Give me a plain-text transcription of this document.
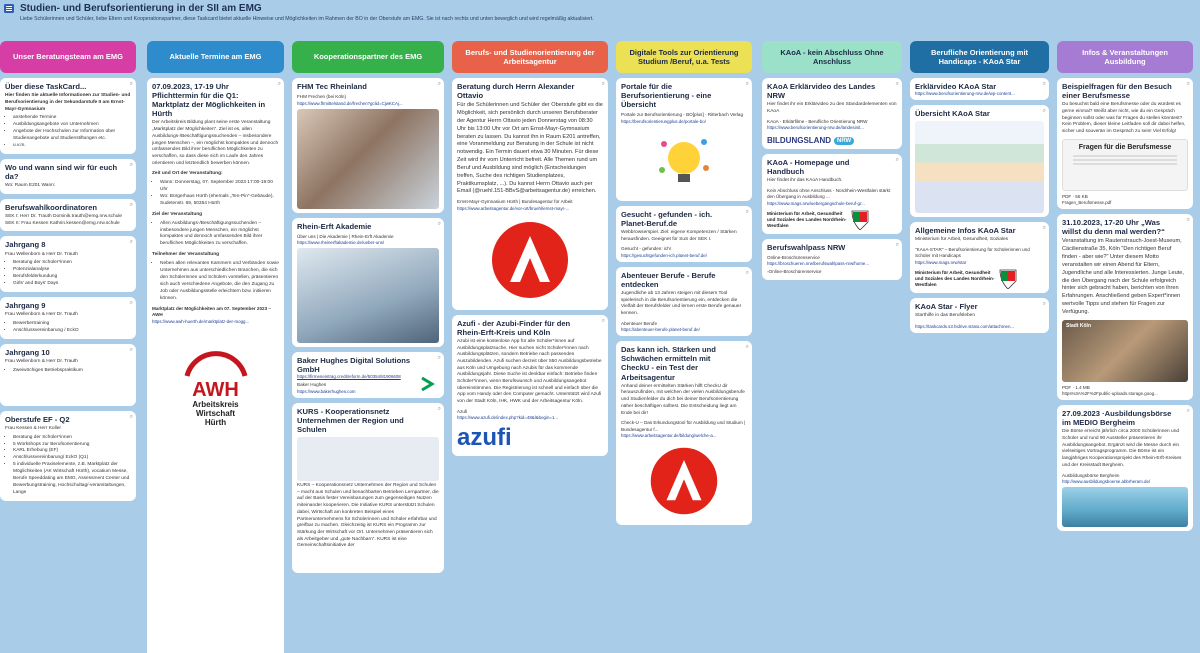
Studien- und Berufsorientierung in der SII am EMG
Liebe Schülerinnen und Schüler, liebe Eltern und Kooperationspartner, diese Taskcard bietet aktuelle Hinweise und Möglichkeiten im Rahmen der BO in der Oberstufe am EMG. Sie ist nach rechts und unten beweglich und wird regelmäßig aktualisiert.
Unser Beratungsteam am EMG
⌕
Über diese TaskCard...
Hier finden Sie aktuelle Informationen zur Studien- und Berufsorientierung in der Sekundarstufe II am Ernst-Mayr-Gymnasium
• anstehende Termine
• Ausbildungsangebote von Unternehmen
• Angebote der Hochschulen zur Information über Studienangebote und Studienstiftungen etc.
• u.v.m.
⌕
Wo und wann sind wir für euch da?
Wo: Raum E201 Wann:
⌕
Berufswahlkoordinatoren
SEK I: Herr Dr. Trauth Dominik.trauth@emg.nrw.schule SEK II: Frau Kessen Kathrin.kessen@emg.nrw.schule
⌕
Jahrgang 8
Frau Wellenborn & Herr Dr. Trauth
• Beratung der Schüler*innen
• Potenzialanalyse
• Berufsfelderkundung
• Girls' and Boys' Days
⌕
Jahrgang 9
Frau Wellenborn & Herr Dr. Trauth
• Bewerbertraining
• Anschlussvereinbarung / EckO
⌕
Jahrgang 10
Frau Wellenborn & Herr Dr. Trauth
• Zweiwöchiges Betriebspraktikum
⌕
Oberstufe EF - Q2
Frau Kessen & Herr Koller
• Beratung der Schüler*innen
• 5 Workshops zur Berufsorientierung
• KARL Erhebung (EF)
• Anschlussvereinbarung/ EckO (Q1)
• 5 individuelle Praxiselemente, z.B. Marktplatz der Möglichkeiten (AK Wirtschaft Hürth), vocatium Messe, Berufe Speeddating am EMG, Assessment Center und Bewerbungstraining, Hochschultag/-veranstaltungen, Lange
Aktuelle Termine am EMG
⌕
07.09.2023, 17-19 Uhr Pflichttermin für die Q1: Marktplatz der Möglichkeiten in Hürth
Der Arbeitskreis Bildung plant seine erste Veranstaltung „Marktplatz der Möglichkeiten“. Ziel ist es, allen Ausbildungs-/Beschäftigungssuchenden – insbesondere jungen Menschen –, ein möglichst kompaktes und dennoch umfassendes Bild ihrer beruflichen Möglichkeiten zu verschaffen, so dass diese sich im Laufe des Jahres orientieren und letztendlich bewerben können.
Zeit und Ort der Veranstaltung:
• Wann: Donnerstag, 07. September 2023 17:00-19:00 Uhr
• Wo: Bürgerhaus Hürth (ehemals „Ten-Pin“-Gebäude), Sudetenstr. 69, 50354 Hürth
Ziel der Veranstaltung
• Allen Ausbildungs-/Beschäftigungssuchenden – insbesondere jungen Menschen, ein möglichst kompaktes und dennoch umfassendes Bild ihrer beruflichen Möglichkeiten zu verschaffen.
Teilnehmer der Veranstaltung
• Neben allen relevanten Kammern und Verbänden sowie Unternehmen aus unterschiedlichen Branchen, die sich den Schülerinnen und Schülern vorstellen, präsentieren sich auch verschiedene Angebote, die den Zugang zu Job oder Ausbildungsstelle erleichtern bzw. initiieren können.
Marktplatz der Möglichkeiten am 07. September 2023 – AWH
https://www.awh-huerth.de/marktplatz-der-mogg...
AWH
Arbeitskreis
Wirtschaft
Hürth
Kooperationspartner des EMG
⌕
FHM Tec Rheinland
FHM Frechen (bei Köln)
https://www.fhmittelstand.de/frechen?gclid=CjwKCAj...
⌕
Rhein-Erft Akademie
Über uns | Die Akademie | Rhein-Erft Akademie
https://www.rheinerftakademie.de/ueber-uns/
⌕
Baker Hughes Digital Solutions GmbH
https://firmeneintrag.creditreform.de/50354/81906608
Baker Hughes
https://www.bakerhughes.com
⌕
KURS - Kooperationsnetz Unternehmen der Region und Schulen
KURS – Kooperationsnetz Unternehmen der Region und Schulen – macht aus Schulen und benachbarten Betrieben Lernpartner, die auf der Basis fester Vereinbarungen zum gegenseitigen Nutzen miteinander kooperieren. Die Initiative KURS unterstützt Schulen dabei, Wirtschaft am konkreten Beispiel eines Partnerunternehmens für Schülerinnen und Schüler erfahrbar und greifbar zu machen. Gleichzeitig ist KURS ein Programm zur Stärkung der Wirtschaft vor Ort. Unternehmen präsentieren sich als Arbeitgeber und „gute Nachbarn“. KURS ist eine Gemeinschaftsinitiative der
Berufs- und Studienorientierung der Arbeitsagentur
⌕
Beratung durch Herrn Alexander Ottavio
Für die Schülerinnen und Schüler der Oberstufe gibt es die Möglichkeit, sich persönlich durch unseren Berufsberater der Agentur Herrn Ottavio jeden Donnerstag von 08:30 Uhr bis 13:00 Uhr vor Ort am Ernst-Mayr-Gymnasium beraten zu lassen. Du kannst ihn in Raum E201 antreffen, eine Voranmeldung zur Beratung in der Schule ist nicht notwendig. Ein Termin dauert etwa 30 Minuten. Für diese Zeit wird ihr vom Unterricht befreit. Alle Themen rund um Beruf und Ausbildung sind möglich (Entscheidungen treffen, Suche des richtigen Studienplatzes, Praktikumsplatz, ...). Du kannst Herrn Ottavio auch per Email (@ruehl.151-BBvS@arbeitsagentur.de) erreichen.
Ernst-Mayr-Gymnasium Hürth | Bundesagentur für Arbeit
https://www.arbeitsagentur.de/vor-ort/bruehl/ernst-mayr-...
⌕
Azufi - der Azubi-Finder für den Rhein-Erft-Kreis und Köln
Azubi ist eine kostenlose App für alle Schüler*innen auf Ausbildungsplatzsuche. Hier suchen nicht Schüler*innen nach Ausbildungsplätzen, sondern Betriebe nach passenden Auszubildenden. Azufi suchen derzeit über 550 Ausbildungsbetriebe aus Köln und Umgebung nach Azubis für das kommende Ausbildungsjahr. Diese Suche ist denkbar einfach: Betriebe finden Schüler*innen, wenn Berufswunsch und Ausbildungsangebot übereinstimmen. Die Registrierung ist schnell und einfach über die App vom Handy oder den Computer gemacht. Unterstützt wird Azufi von der Stadt Köln, IHK, HWK und der Arbeitsagentur Köln.
Azufi
https://www.azufi.de/index.php?kid=48&l&begin=1...
azufi
Digitale Tools zur Orientierung Studium /Beruf, u.a. Tests
⌕
Portale für die Berufsorientierung - eine Übersicht
Portale zur Berufsorientierung - BO[plus] - Ritterbach Verlag
https://berufsorientierungplus.de/portale-bo/
⌕
Gesucht - gefunden - ich. Planet-Beruf.de
Webbrowserspiel. Ziel: eigene Kompetenzen / Stärken herausfinden. Geeignet für SuS der SEK I.
Gesucht - gefunden: ich!
https://gesuchtgefunden-ich.planet-beruf.de/
⌕
Abenteuer Berufe - Berufe entdecken
Jugendliche ab 13 Jahren steigen mit diesem Tool spielerisch in die Berufsorientierung ein, entdecken die Vielfalt der Berufsfelder und lernen erste Berufe genauer kennen.
Abenteuer Berufe
https://abenteuer-berufe.planet-beruf.de/
⌕
Das kann ich. Stärken und Schwächen ermitteln mit CheckU - ein Test der Arbeitsagentur
Anhand deiner ermittelten Stärken hilft CheckU dir herauszufinden, mit welchen der vielen Ausbildungsberufe und Studienfelder du dich bei deiner Berufsorientierung näher beschäftigen solltest. Die Entscheidung liegt am Ende bei dir!
Check-U – Das Erkundungstool für Ausbildung und Studium | Bundesagentur f...
https://www.arbeitsagentur.de/bildung/welche-a...
KAoA - kein Abschluss Ohne Anschluss
⌕
KAoA Erklärvideo des Landes NRW
Hier findet ihr ein Erklärvideo zu den Standardelementen von KAoA
KAoA - Erklärfilme - Berufliche Orientierung NRW
https://www.berufsorientierung-nrw.de/landesinit...
BILDUNGSLAND	NRW
⌕
KAoA - Homepage und Handbuch
Hier findet ihr das KAoA Handbuch.
Kein Abschluss ohne Anschluss - Nordrhein-Westfalen stärkt den Übergang in Ausbildung ...
https://www.mags.nrw/uebergangschule-beruf-gr...
Ministerium für Arbeit, Gesundheit und Soziales des Landes Nordrhein-Westfalen
⌕
Berufswahlpass NRW
Online-Broschürenservice
https://broschueren.nrw/berufswahlpass-nrw/home...
▫Online-Broschürenservice
Berufliche Orientierung mit Handicaps - KAoA Star
⌕
Erklärvideo KAoA Star
https://www.berufsorientierung-nrw.de/wp-content...
⌕
Übersicht KAoA Star
⌕
Allgemeine Infos KAoA Star
Ministerium für Arbeit, Gesundheit, Soziales
"KAoA-STAR" – Berufsorientierung für Schülerinnen und Schüler mit Handicaps
https://www.mags.nrw/star
Ministerium für Arbeit, Gesundheit und Soziales des Landes Nordrhein-Westfalen
⌕
KAoA Star - Flyer
Starthilfe in das Berufsleben
https://taskcards.s3.hidrive.strato.com/attachmen...
Infos & Veranstaltungen Ausbildung
⌕
Beispielfragen für den Besuch einer Berufsmesse
Du besuchst bald eine Berufsmesse oder du würdest es gerne einmal? Weißt aber nicht, wie du ein Gespräch beginnen sollst oder was für Fragen du stellen könntest? Kein Problem, dieser kleine Leitfaden soll dir dabei helfen, sicher und souverän im Gespräch zu sein! Viel Erfolg!
Fragen für die Berufsmesse
PDF · 55 KB
Fragen_Berufsmesse.pdf
⌕
31.10.2023, 17-20 Uhr „Was willst du denn mal werden?“
Veranstaltung im Rautenstrauch-Joest-Museum, Cäcilienstraße 35, Köln "Den richtigen Beruf finden - aber wie?" Unter diesem Motto veranstalten wir einen Abend für Eltern, Jugendliche und alle Interessierten. Junge Leute, die den Übergang nach der Schule erfolgreich hinter sich gebracht haben, berichten von ihren Erfahrungen. Anschließend geben Expert*innen wertvolle Tipps und stehen für Fragen zur Verfügung.
Stadt Köln
PDF · 1.4 MB
https%3A%2F%2Fpublic-uploads.storage.goog...
⌕
27.09.2023 ·Ausbildungsbörse im MEDIO Bergheim
Die Börse erreicht jährlich circa 2000 Schülerinnen und Schüler und rund 90 Aussteller präsentieren ihr Ausbildungsangebot. Ergänzt wird die Messe durch ein vielseitiges Vortragsprogramm. Die Börse ist ein langjähriges Kooperationsprojekt des Rhein-Erft-Kreises und der Kreisstadt Bergheim.
Ausbildungsbörse Bergheim
http://www.ausbildungsboerse.abbrheram.de/
